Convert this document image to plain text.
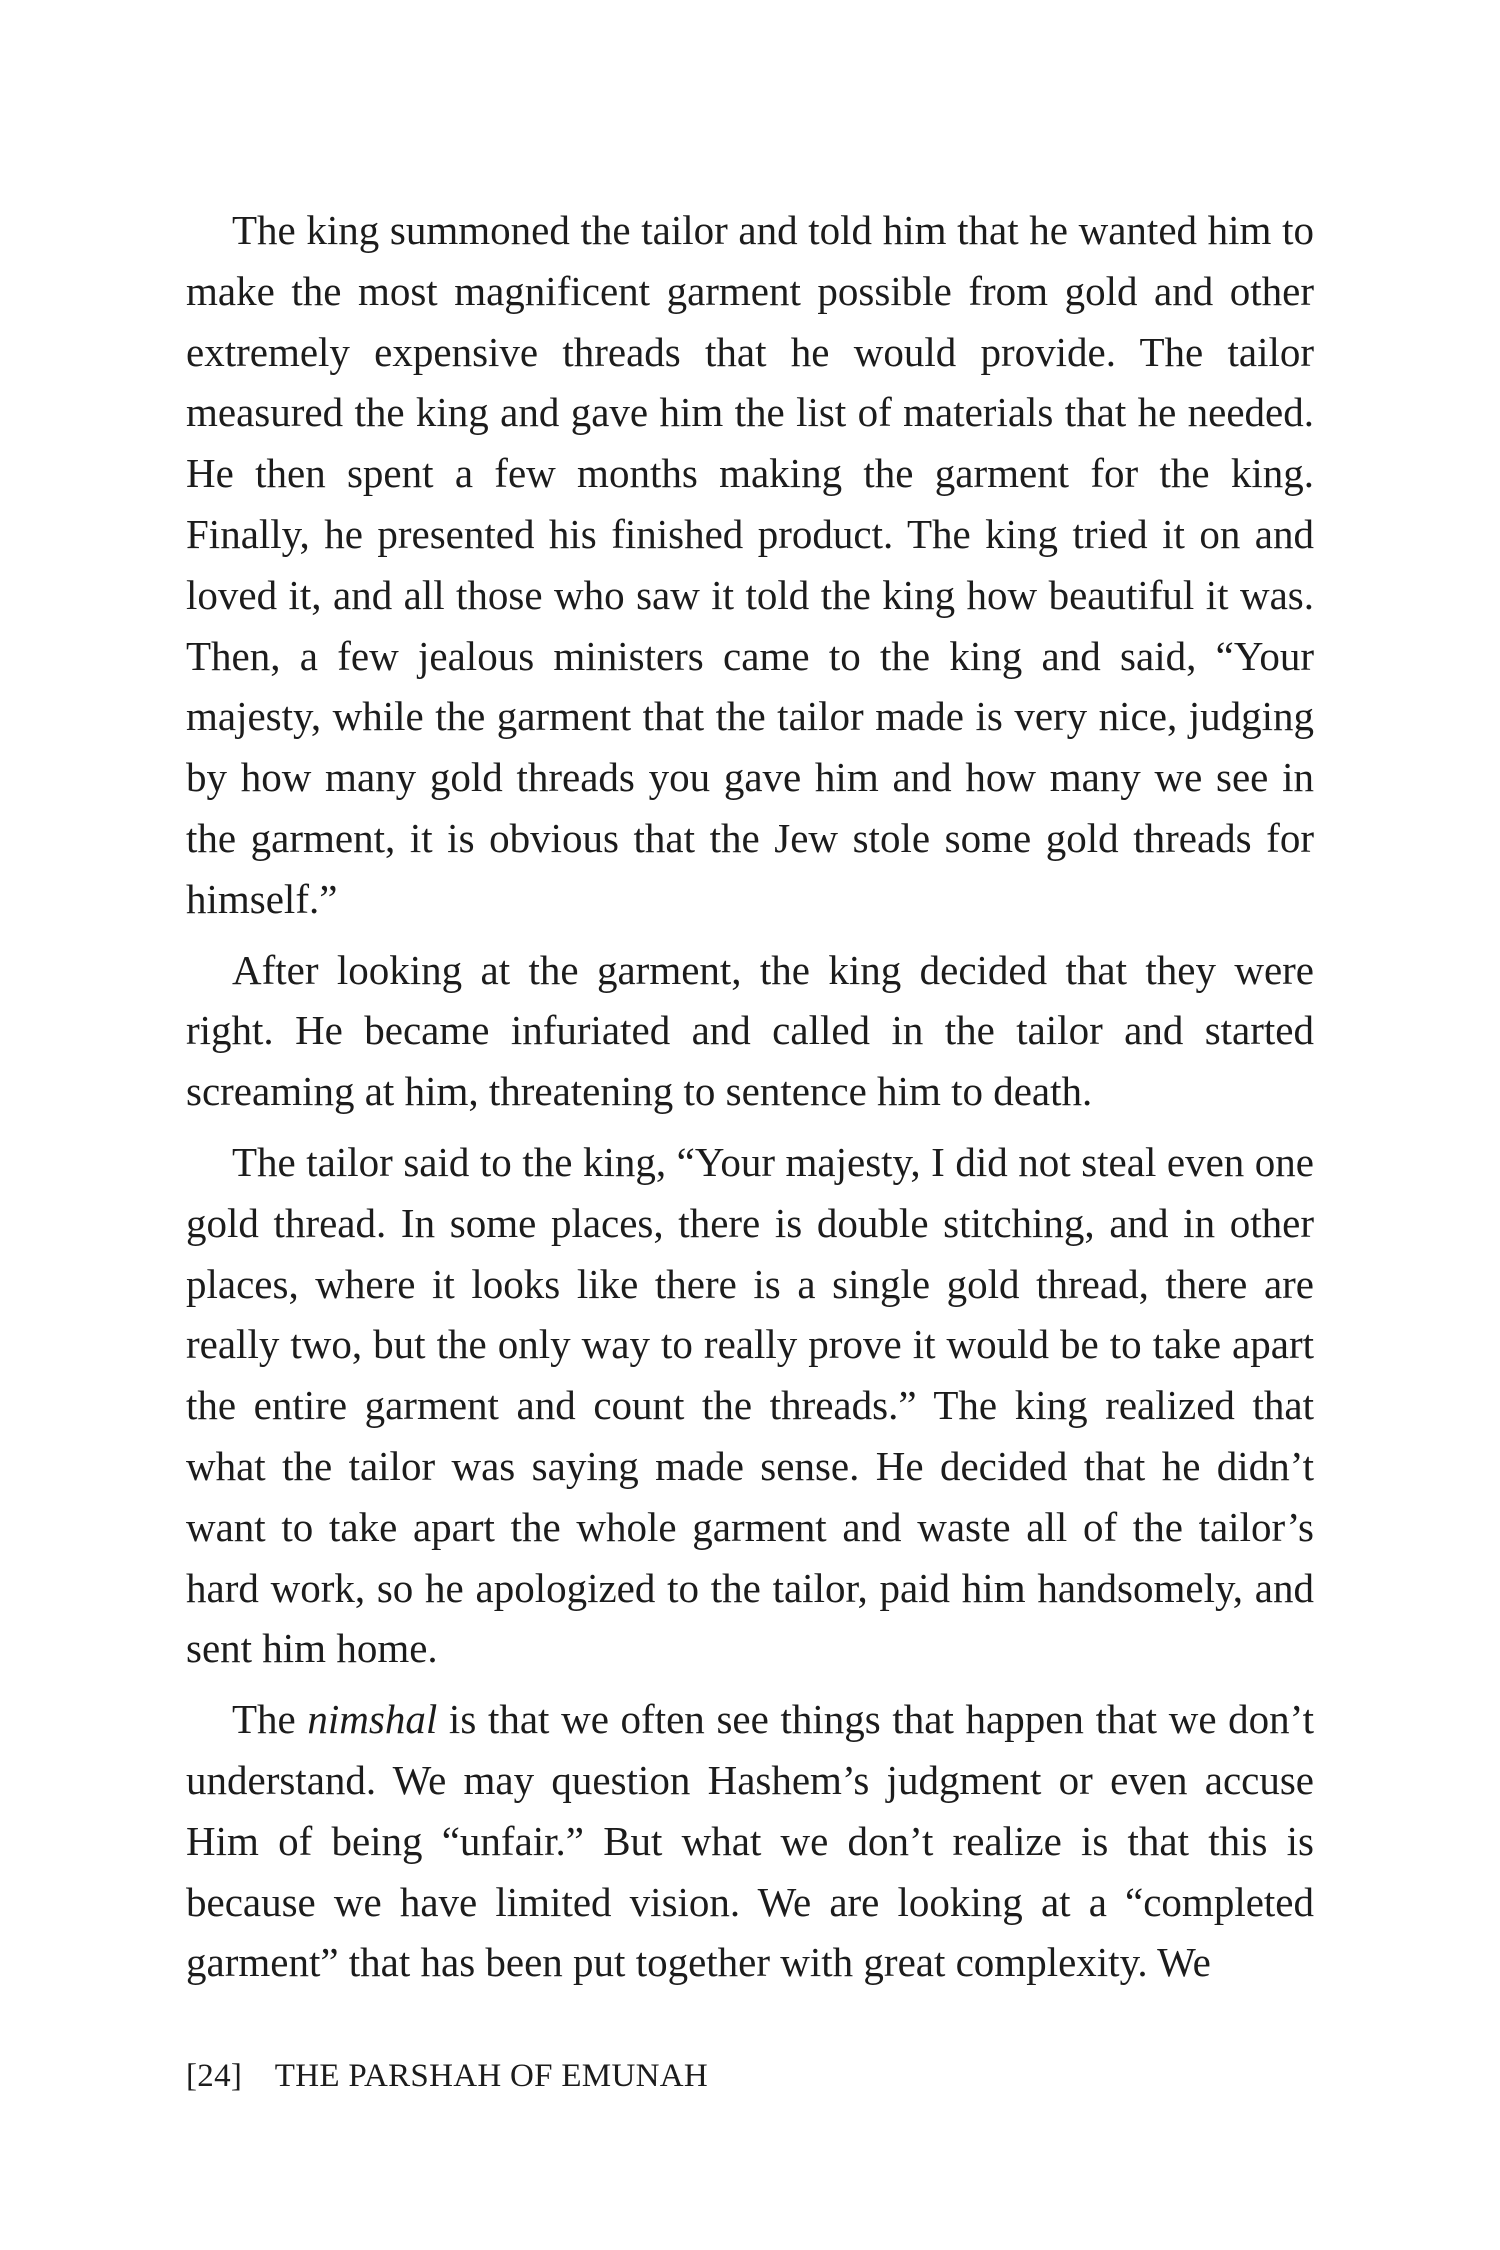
The king summoned the tailor and told him that he wanted him to make the most magnificent garment possible from gold and other extremely expensive threads that he would provide. The tailor measured the king and gave him the list of materials that he needed. He then spent a few months making the garment for the king. Finally, he presented his finished product. The king tried it on and loved it, and all those who saw it told the king how beautiful it was. Then, a few jealous ministers came to the king and said, “Your majesty, while the garment that the tailor made is very nice, judging by how many gold threads you gave him and how many we see in the garment, it is obvious that the Jew stole some gold threads for himself.”

After looking at the garment, the king decided that they were right. He became infuriated and called in the tailor and started screaming at him, threatening to sentence him to death.

The tailor said to the king, “Your majesty, I did not steal even one gold thread. In some places, there is double stitching, and in other places, where it looks like there is a single gold thread, there are really two, but the only way to really prove it would be to take apart the entire garment and count the threads.” The king realized that what the tailor was saying made sense. He decided that he didn’t want to take apart the whole garment and waste all of the tailor’s hard work, so he apologized to the tailor, paid him handsomely, and sent him home.

The nimshal is that we often see things that happen that we don’t understand. We may question Hashem’s judgment or even accuse Him of being “unfair.” But what we don’t realize is that this is because we have limited vision. We are looking at a “completed garment” that has been put together with great complexity. We

[24] THE PARSHAH OF EMUNAH
